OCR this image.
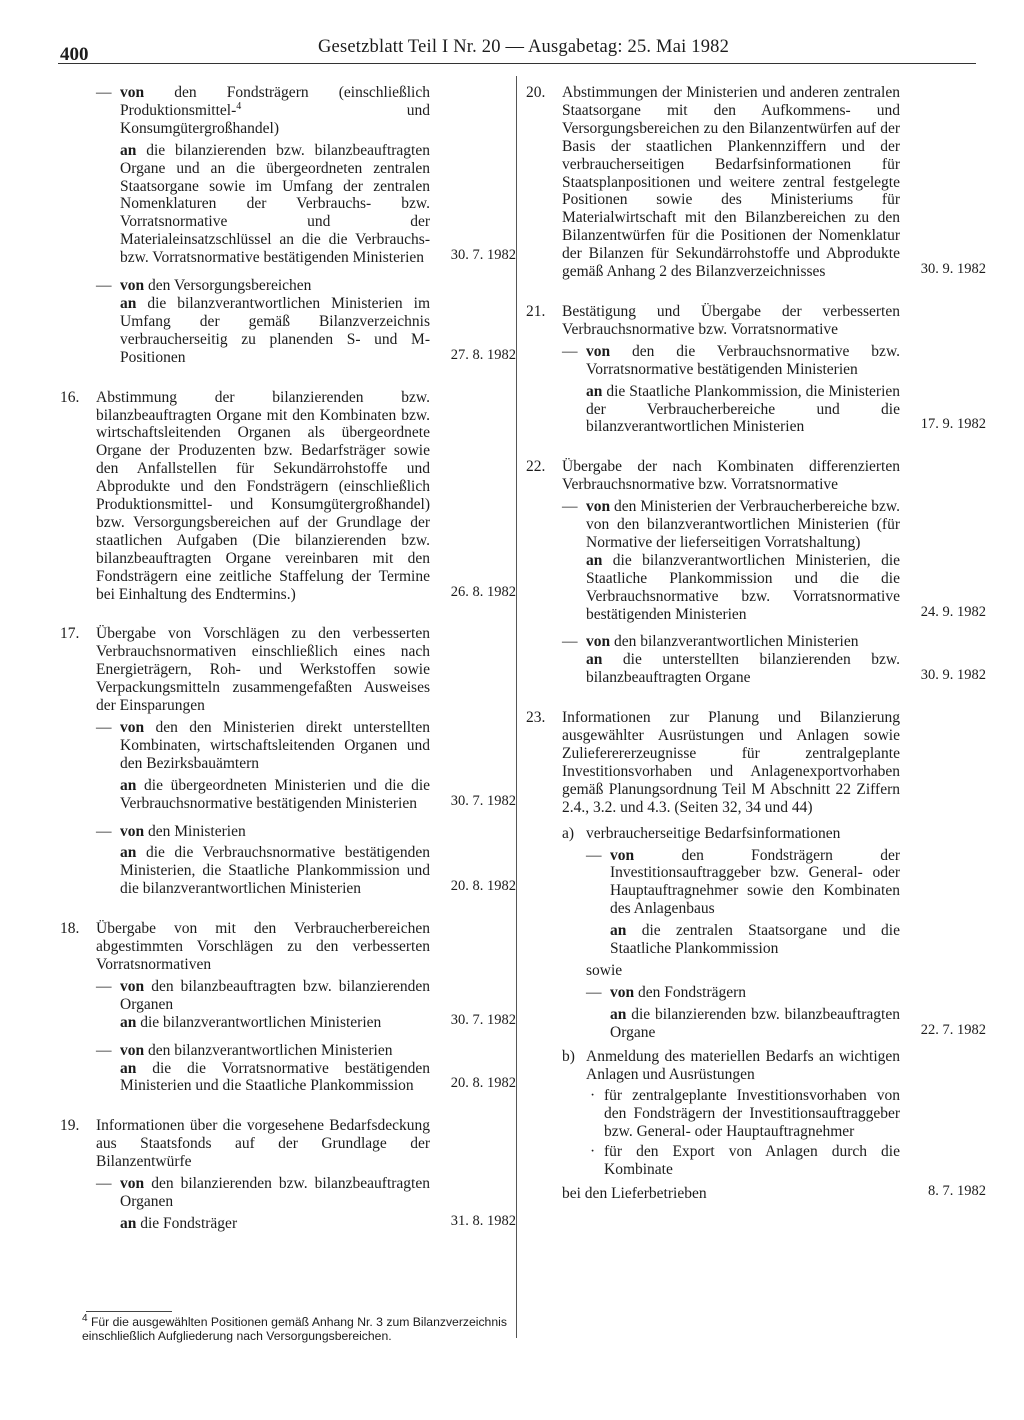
400	Gesetzblatt Teil I Nr. 20 — Ausgabetag: 25. Mai 1982
— von den Fondsträgern (einschließlich Produktionsmittel-$^4$ und Konsumgütergroßhandel)
an die bilanzierenden bzw. bilanzbeauftragten Organe und an die übergeordneten zentralen Staatsorgane sowie im Umfang der zentralen Nomenklaturen der Verbrauchs- bzw. Vorratsnormative und der Materialeinsatzschlüssel an die die Verbrauchs- bzw. Vorratsnormative bestätigenden Ministerien	30. 7. 1982
— von den Versorgungsbereichen
an die bilanzverantwortlichen Ministerien im Umfang der gemäß Bilanzverzeichnis verbraucherseitig zu planenden S- und M-Positionen	27. 8. 1982
16. Abstimmung der bilanzierenden bzw. bilanzbeauftragten Organe mit den Kombinaten bzw. wirtschaftsleitenden Organen als übergeordnete Organe der Produzenten bzw. Bedarfsträger sowie den Anfallstellen für Sekundärrohstoffe und Abprodukte und den Fondsträgern (einschließlich Produktionsmittel- und Konsumgütergroßhandel) bzw. Versorgungsbereichen auf der Grundlage der staatlichen Aufgaben (Die bilanzierenden bzw. bilanzbeauftragten Organe vereinbaren mit den Fondsträgern eine zeitliche Staffelung der Termine bei Einhaltung des Endtermins.)	26. 8. 1982
17. Übergabe von Vorschlägen zu den verbesserten Verbrauchsnormativen einschließlich eines nach Energieträgern, Roh- und Werkstoffen sowie Verpackungsmitteln zusammengefaßten Ausweises der Einsparungen
— von den den Ministerien direkt unterstellten Kombinaten, wirtschaftsleitenden Organen und den Bezirksbauämtern
an die übergeordneten Ministerien und die die Verbrauchsnormative bestätigenden Ministerien	30. 7. 1982
— von den Ministerien
an die die Verbrauchsnormative bestätigenden Ministerien, die Staatliche Plankommission und die bilanzverantwortlichen Ministerien	20. 8. 1982
18. Übergabe von mit den Verbraucherbereichen abgestimmten Vorschlägen zu den verbesserten Vorratsnormativen
— von den bilanzbeauftragten bzw. bilanzierenden Organen
an die bilanzverantwortlichen Ministerien	30. 7. 1982
— von den bilanzverantwortlichen Ministerien
an die die Vorratsnormative bestätigenden Ministerien und die Staatliche Plankommission	20. 8. 1982
19. Informationen über die vorgesehene Bedarfsdeckung aus Staatsfonds auf der Grundlage der Bilanzentwürfe
— von den bilanzierenden bzw. bilanzbeauftragten Organen
an die Fondsträger	31. 8. 1982
$^4$ Für die ausgewählten Positionen gemäß Anhang Nr. 3 zum Bilanzverzeichnis einschließlich Aufgliederung nach Versorgungsbereichen.
20. Abstimmungen der Ministerien und anderen zentralen Staatsorgane mit den Aufkommens- und Versorgungsbereichen zu den Bilanzentwürfen auf der Basis der staatlichen Plankennziffern und der verbraucherseitigen Bedarfsinformationen für Staatsplanpositionen und weitere zentral festgelegte Positionen sowie des Ministeriums für Materialwirtschaft mit den Bilanzbereichen zu den Bilanzentwürfen für die Positionen der Nomenklatur der Bilanzen für Sekundärrohstoffe und Abprodukte gemäß Anhang 2 des Bilanzverzeichnisses	30. 9. 1982
21. Bestätigung und Übergabe der verbesserten Verbrauchsnormative bzw. Vorratsnormative
— von den die Verbrauchsnormative bzw. Vorratsnormative bestätigenden Ministerien
an die Staatliche Plankommission, die Ministerien der Verbraucherbereiche und die bilanzverantwortlichen Ministerien	17. 9. 1982
22. Übergabe der nach Kombinaten differenzierten Verbrauchsnormative bzw. Vorratsnormative
— von den Ministerien der Verbraucherbereiche bzw. von den bilanzverantwortlichen Ministerien (für Normative der lieferseitigen Vorratshaltung)
an die bilanzverantwortlichen Ministerien, die Staatliche Plankommission und die die Verbrauchsnormative bzw. Vorratsnormative bestätigenden Ministerien	24. 9. 1982
— von den bilanzverantwortlichen Ministerien
an die unterstellten bilanzierenden bzw. bilanzbeauftragten Organe	30. 9. 1982
23. Informationen zur Planung und Bilanzierung ausgewählter Ausrüstungen und Anlagen sowie Zulieferererzeugnisse für zentralgeplante Investitionsvorhaben und Anlagenexportvorhaben gemäß Planungsordnung Teil M Abschnitt 22 Ziffern 2.4., 3.2. und 4.3. (Seiten 32, 34 und 44)
a) verbraucherseitige Bedarfsinformationen
— von	den Fondsträgern der Investitionsauftraggeber bzw. General- oder Hauptauftragnehmer sowie den Kombinaten des Anlagenbaus
an die zentralen Staatsorgane und die Staatliche Plankommission
sowie
— von den Fondsträgern
an die bilanzierenden bzw. bilanzbeauftragten Organe	22. 7. 1982
b) Anmeldung des materiellen Bedarfs an wichtigen Anlagen und Ausrüstungen
· für zentralgeplante Investitionsvorhaben von den Fondsträgern der Investitionsauftraggeber bzw. General- oder Hauptauftragnehmer
· für den Export von Anlagen durch die Kombinate
bei den Lieferbetrieben	8. 7. 1982
